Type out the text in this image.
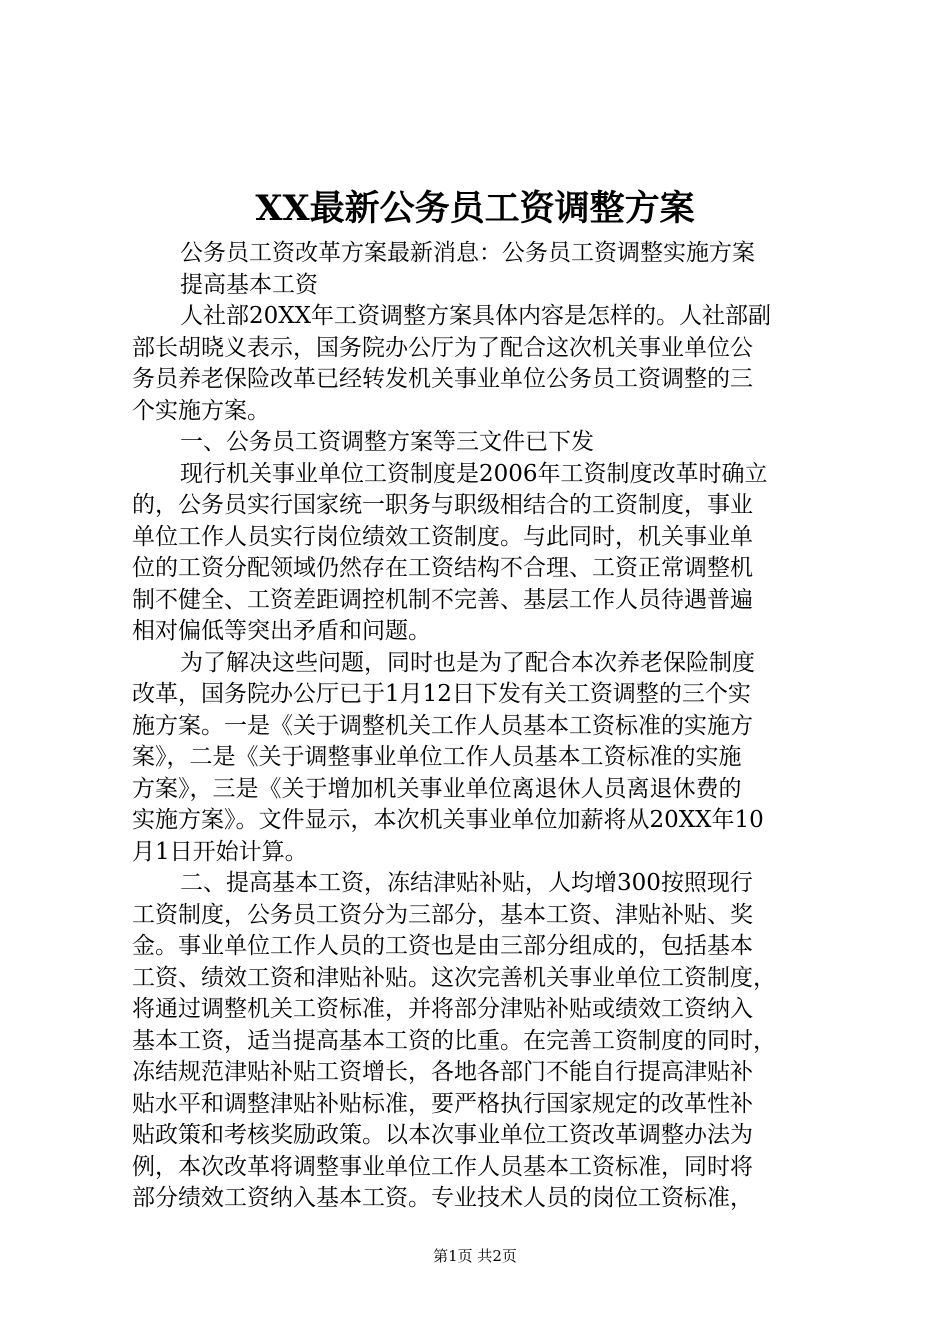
XX最新公务员工资调整方案
公务员工资改革方案最新消息：公务员工资调整实施方案
提高基本工资
人社部20XX年工资调整方案具体内容是怎样的。人社部副
部长胡晓义表示，国务院办公厅为了配合这次机关事业单位公
务员养老保险改革已经转发机关事业单位公务员工资调整的三
个实施方案。
一、公务员工资调整方案等三文件已下发
现行机关事业单位工资制度是2006年工资制度改革时确立
的，公务员实行国家统一职务与职级相结合的工资制度，事业
单位工作人员实行岗位绩效工资制度。与此同时，机关事业单
位的工资分配领域仍然存在工资结构不合理、工资正常调整机
制不健全、工资差距调控机制不完善、基层工作人员待遇普遍
相对偏低等突出矛盾和问题。
为了解决这些问题，同时也是为了配合本次养老保险制度
改革，国务院办公厅已于1月12日下发有关工资调整的三个实
施方案。一是《关于调整机关工作人员基本工资标准的实施方
案》，二是《关于调整事业单位工作人员基本工资标准的实施
方案》，三是《关于增加机关事业单位离退休人员离退休费的
实施方案》。文件显示，本次机关事业单位加薪将从20XX年10
月1日开始计算。
二、提高基本工资，冻结津贴补贴，人均增300按照现行
工资制度，公务员工资分为三部分，基本工资、津贴补贴、奖
金。事业单位工作人员的工资也是由三部分组成的，包括基本
工资、绩效工资和津贴补贴。这次完善机关事业单位工资制度，
将通过调整机关工资标准，并将部分津贴补贴或绩效工资纳入
基本工资，适当提高基本工资的比重。在完善工资制度的同时，
冻结规范津贴补贴工资增长，各地各部门不能自行提高津贴补
贴水平和调整津贴补贴标准，要严格执行国家规定的改革性补
贴政策和考核奖励政策。以本次事业单位工资改革调整办法为
例，本次改革将调整事业单位工作人员基本工资标准，同时将
部分绩效工资纳入基本工资。专业技术人员的岗位工资标准，
第1页 共2页
